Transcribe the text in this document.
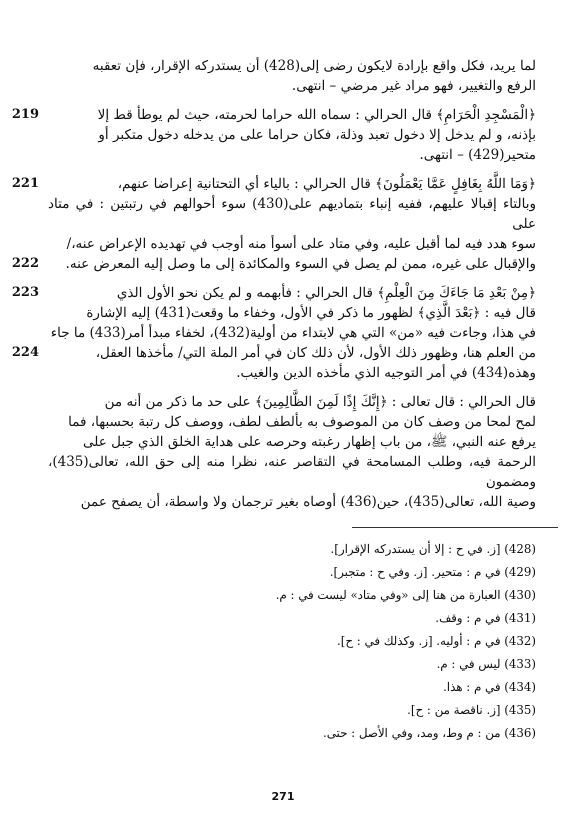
لما يريد، فكل واقع بإرادة لايكون رضى إلى(428) أن يستدركه الإقرار، فإن تعقبه
الرفع والتغيير، فهو مراد غير مرضي – انتهى.
219	﴿الْمَسْجِدِ الْحَرَامِ﴾ قال الحرالي : سماه الله حراما لحرمته، حيث لم يوطأ قط إلا
بإذنه، و لم يدخل إلا دخول تعبد وذلة، فكان حراما على من يدخله دخول متكبر أو
متحير(429) – انتهى.
221	﴿وَمَا اللَّهُ بِغَافِلٍ عَمَّا يَعْمَلُونَ﴾ قال الحرالي : بالياء أي التحتانية إعراضا عنهم،
وبالتاء إقبالا عليهم، ففيه إنباء بتماديهم على(430) سوء أحوالهم في رتبتين : في متاد على
سوء هدد فيه لما أقبل عليه، وفي متاد على أسوأ منه أوجب في تهديده الإعراض عنه،/
222 والإقبال على غيره، ممن لم يصل في السوء والمكائدة إلى ما وصل إليه المعرض عنه.
223	﴿مِنْ بَعْدِ مَا جَاءَكَ مِنَ الْعِلْمِ﴾ قال الحرالي : فأبهمه و لم يكن نحو الأول الذي
قال فيه : ﴿بَعْدَ الَّذِي﴾ لظهور ما ذكر في الأول، وخفاء ما وقعت(431) إليه الإشارة
في هذا، وجاءت فيه «من» التي هي لابتداء من أولية(432)، لخفاء مبدأ أمر(433) ما جاء
224	من العلم هنا، وظهور ذلك الأول، لأن ذلك كان في أمر الملة التي/ مأخذها العقل،
وهذه(434) في أمر التوجيه الذي مأخذه الدين والغيب.
قال الحرالي : قال تعالى : ﴿إِنَّكَ إِذًا لَمِنَ الظَّالِمِينَ﴾ على حد ما ذكر من أنه من
لمح لمحا من وصف كان من الموصوف به بألطف لطف، ووصف كل رتبة بحسبها، فما
يرفع عنه النبي، ﷺ، من باب إظهار رغبته وحرصه على هداية الخلق الذي جبل على
الرحمة فيه، وطلب المسامحة في التقاصر عنه، نظرا منه إلى حق الله، تعالى(435)، ومضمون
وصية الله، تعالى(435)، حين(436) أوصاه بغير ترجمان ولا واسطة، أن يصفح عمن
(428) [ز. في ح : إلا أن يستدركه الإقرار].
(429) في م : متحير. [ز. وفي ح : متجبر].
(430) العبارة من هنا إلى «وفي متاد» ليست في : م.
(431) في م : وقف.
(432) في م : أوليه. [ز. وكذلك في : ح].
(433) ليس في : م.
(434) في م : هذا.
(435) [ز. ناقصة من : ح].
(436) من : م وط، ومد، وفي الأصل : حتى.
271
